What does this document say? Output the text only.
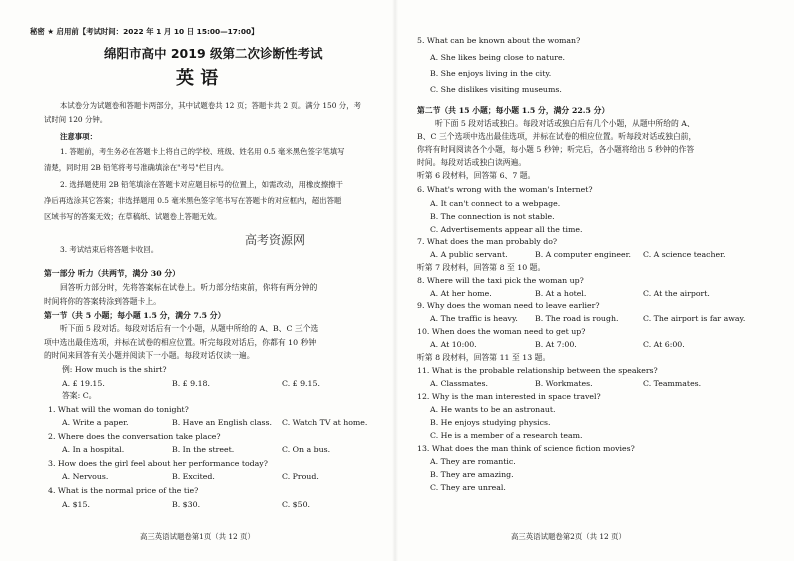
秘密 ★ 启用前【考试时间：2022 年 1 月 10 日 15:00—17:00】
绵阳市高中 2019 级第二次诊断性考试
英 语
本试卷分为试题卷和答题卡两部分，其中试题卷共 12 页；答题卡共 2 页。满分 150 分，考
试时间 120 分钟。
注意事项：
1. 答题前，考生务必在答题卡上将自己的学校、班级、姓名用 0.5 毫米黑色签字笔填写
清楚，同时用 2B 铅笔将考号准确填涂在"考号"栏目内。
2. 选择题使用 2B 铅笔填涂在答题卡对应题目标号的位置上，如需改动，用橡皮擦擦干
净后再选涂其它答案；非选择题用 0.5 毫米黑色签字笔书写在答题卡的对应框内，超出答题
区域书写的答案无效；在草稿纸、试题卷上答题无效。
高考资源网
3. 考试结束后将答题卡收回。
第一部分 听力（共两节，满分 30 分）
回答听力部分时，先将答案标在试卷上。听力部分结束前，你将有两分钟的
时间将你的答案转涂到答题卡上。
第一节（共 5 小题；每小题 1.5 分，满分 7.5 分）
听下面 5 段对话。每段对话后有一个小题，从题中所给的 A、B、C 三个选
项中选出最佳选项，并标在试卷的相应位置。听完每段对话后，你都有 10 秒钟
的时间来回答有关小题并阅读下一小题。每段对话仅读一遍。
例: How much is the shirt?
A. £ 19.15.	B. £ 9.18.	C. £ 9.15.
答案: C。
1. What will the woman do tonight?
A. Write a paper.	B. Have an English class. C. Watch TV at home.
2. Where does the conversation take place?
A. In a hospital.	B. In the street.	C. On a bus.
3. How does the girl feel about her performance today?
A. Nervous.	B. Excited.	C. Proud.
4. What is the normal price of the tie?
A. $15.	B. $30.	C. $50.
高三英语试题卷第1页（共 12 页）
5. What can be known about the woman?
A. She likes being close to nature.
B. She enjoys living in the city.
C. She dislikes visiting museums.
第二节（共 15 小题；每小题 1.5 分，满分 22.5 分）
听下面 5 段对话或独白。每段对话或独白后有几个小题，从题中所给的 A、
B、C 三个选项中选出最佳选项，并标在试卷的相应位置。听每段对话或独白前，
你将有时间阅读各个小题，每小题 5 秒钟；听完后，各小题将给出 5 秒钟的作答
时间。每段对话或独白读两遍。
听第 6 段材料，回答第 6、7 题。
6. What's wrong with the woman's Internet?
A. It can't connect to a webpage.
B. The connection is not stable.
C. Advertisements appear all the time.
7. What does the man probably do?
A. A public servant.	B. A computer engineer. C. A science teacher.
听第 7 段材料，回答第 8 至 10 题。
8. Where will the taxi pick the woman up?
A. At her home.	B. At a hotel.	C. At the airport.
9. Why does the woman need to leave earlier?
A. The traffic is heavy. B. The road is rough.	C. The airport is far away.
10. When does the woman need to get up?
A. At 10:00.	B. At 7:00.	C. At 6:00.
听第 8 段材料，回答第 11 至 13 题。
11. What is the probable relationship between the speakers?
A. Classmates.	B. Workmates.	C. Teammates.
12. Why is the man interested in space travel?
A. He wants to be an astronaut.
B. He enjoys studying physics.
C. He is a member of a research team.
13. What does the man think of science fiction movies?
A. They are romantic.
B. They are amazing.
C. They are unreal.
高三英语试题卷第2页（共 12 页）
